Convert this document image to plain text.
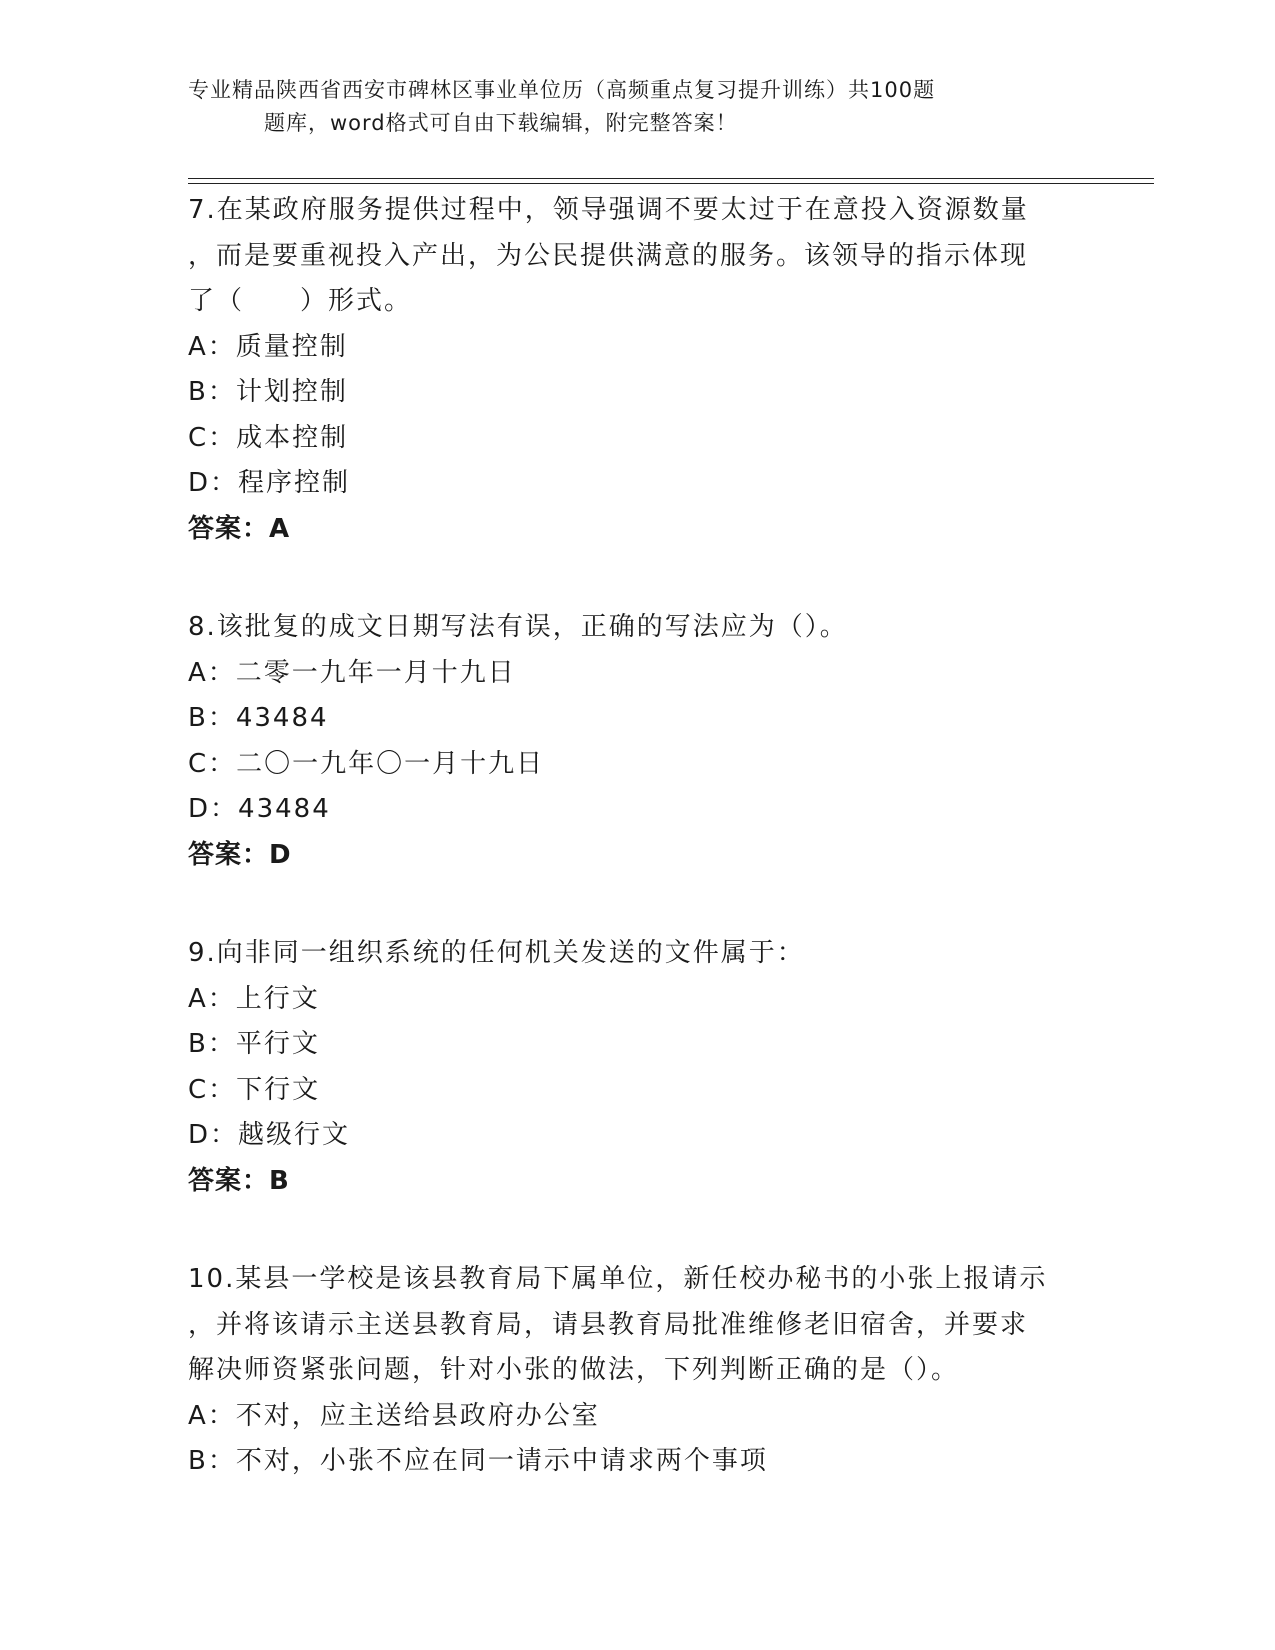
专业精品陕西省西安市碑林区事业单位历（高频重点复习提升训练）共100题
题库，word格式可自由下载编辑，附完整答案！
7.在某政府服务提供过程中，领导强调不要太过于在意投入资源数量
，而是要重视投入产出，为公民提供满意的服务。该领导的指示体现
了（　　）形式。
A：质量控制
B：计划控制
C：成本控制
D：程序控制
答案：A
8.该批复的成文日期写法有误，正确的写法应为（）。
A：二零一九年一月十九日
B：43484
C：二〇一九年〇一月十九日
D：43484
答案：D
9.向非同一组织系统的任何机关发送的文件属于：
A：上行文
B：平行文
C：下行文
D：越级行文
答案：B
10.某县一学校是该县教育局下属单位，新任校办秘书的小张上报请示
，并将该请示主送县教育局，请县教育局批准维修老旧宿舍，并要求
解决师资紧张问题，针对小张的做法，下列判断正确的是（）。
A：不对，应主送给县政府办公室
B：不对，小张不应在同一请示中请求两个事项
